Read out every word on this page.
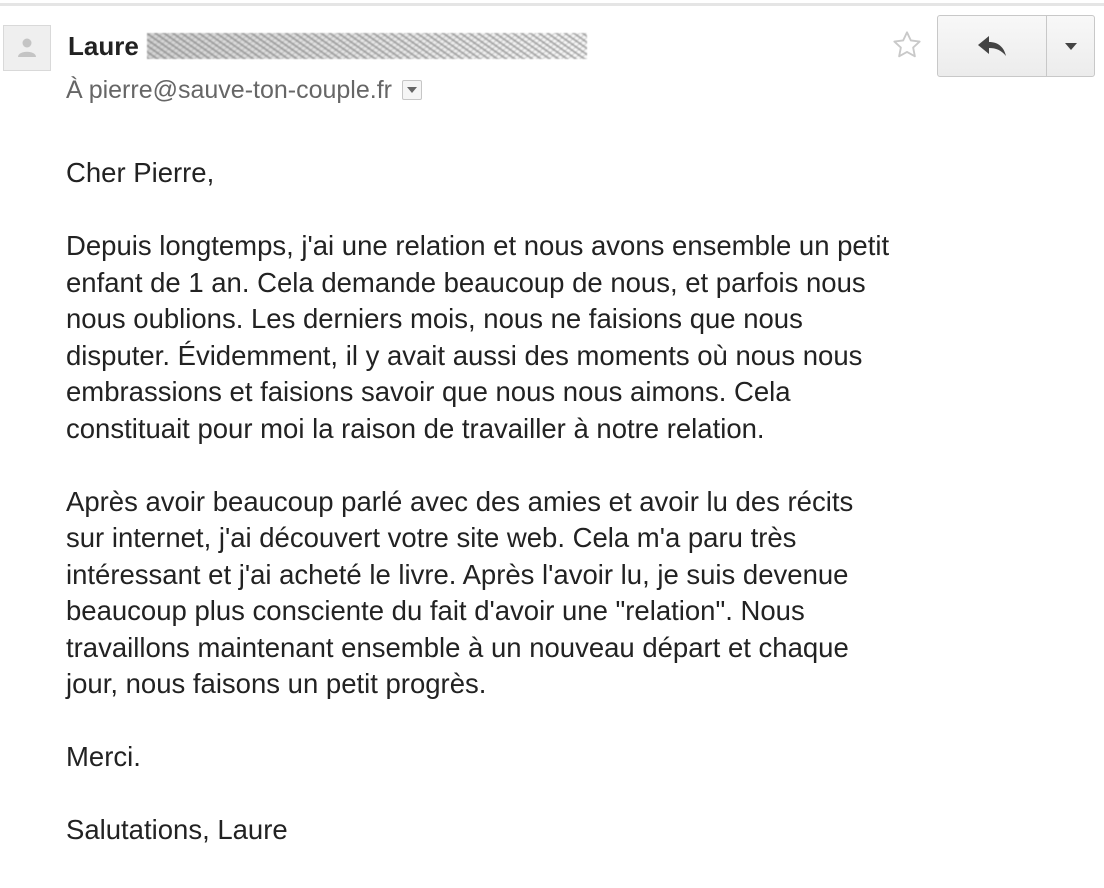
Laure
À pierre@sauve-ton-couple.fr

Cher Pierre,

Depuis longtemps, j'ai une relation et nous avons ensemble un petit

enfant de 1 an. Cela demande beaucoup de nous, et parfois nous

nous oublions. Les derniers mois, nous ne faisions que nous

disputer. Évidemment, il y avait aussi des moments où nous nous

embrassions et faisions savoir que nous nous aimons. Cela

constituait pour moi la raison de travailler à notre relation.

Après avoir beaucoup parlé avec des amies et avoir lu des récits

sur internet, j'ai découvert votre site web. Cela m'a paru très

intéressant et j'ai acheté le livre. Après l'avoir lu, je suis devenue

beaucoup plus consciente du fait d'avoir une "relation". Nous

travaillons maintenant ensemble à un nouveau départ et chaque

jour, nous faisons un petit progrès.

Merci.

Salutations, Laure
